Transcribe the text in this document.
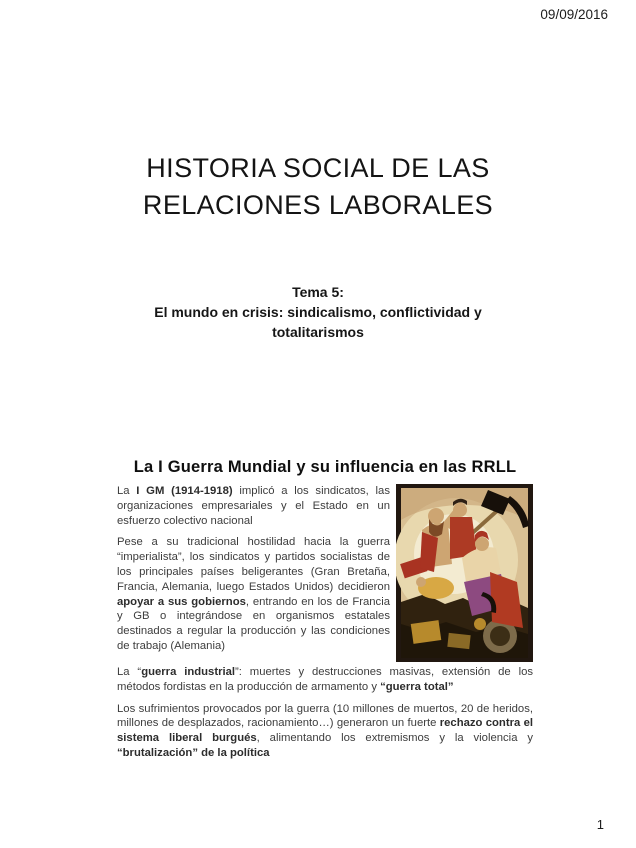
09/09/2016
HISTORIA SOCIAL DE LAS
RELACIONES LABORALES
Tema 5:
El mundo en crisis: sindicalismo, conflictividad y
totalitarismos
La I Guerra Mundial y su influencia en las RRLL

La I GM (1914-1918) implicó a los sindicatos, las organizaciones empresariales y el Estado en un esfuerzo colectivo nacional

Pese a su tradicional hostilidad hacia la guerra “imperialista”, los sindicatos y partidos socialistas de los principales países beligerantes (Gran Bretaña, Francia, Alemania, luego Estados Unidos) decidieron apoyar a sus gobiernos, entrando en los de Francia y GB o integrándose en organismos estatales destinados a regular la producción y las condiciones de trabajo (Alemania)

La “guerra industrial”: muertes y destrucciones masivas, extensión de los métodos fordistas en la producción de armamento y “guerra total”

Los sufrimientos provocados por la guerra (10 millones de muertos, 20 de heridos, millones de desplazados, racionamiento…) generaron un fuerte rechazo contra el sistema liberal burgués, alimentando los extremismos y la violencia y “brutalización” de la política

1
